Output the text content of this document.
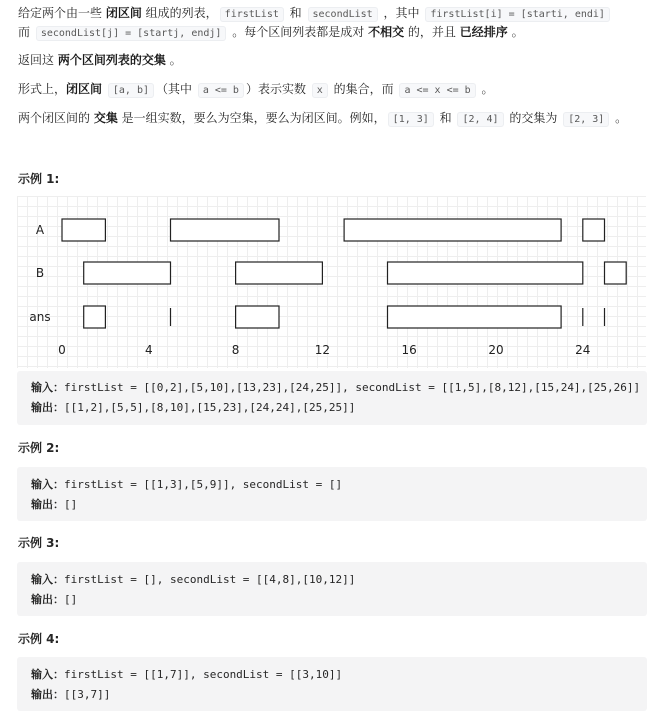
给定两个由一些 闭区间 组成的列表， firstList 和 secondList ，其中 firstList[i] = [starti, endi]
而 secondList[j] = [startj, endj] 。每个区间列表都是成对 不相交 的，并且 已经排序 。
返回这 两个区间列表的交集 。
形式上，闭区间 [a, b] （其中 a <= b ）表示实数 x 的集合，而 a <= x <= b 。
两个闭区间的 交集 是一组实数，要么为空集，要么为闭区间。例如， [1, 3] 和 [2, 4] 的交集为 [2, 3] 。
示例 1:
A
B
ans
0	4	8	12	16	20	24
输入：firstList = [[0,2],[5,10],[13,23],[24,25]], secondList = [[1,5],[8,12],[15,24],[25,26]]
输出：[[1,2],[5,5],[8,10],[15,23],[24,24],[25,25]]
示例 2:
输入：firstList = [[1,3],[5,9]], secondList = []
输出：[]
示例 3:
输入：firstList = [], secondList = [[4,8],[10,12]]
输出：[]
示例 4:
输入：firstList = [[1,7]], secondList = [[3,10]]
输出：[[3,7]]
